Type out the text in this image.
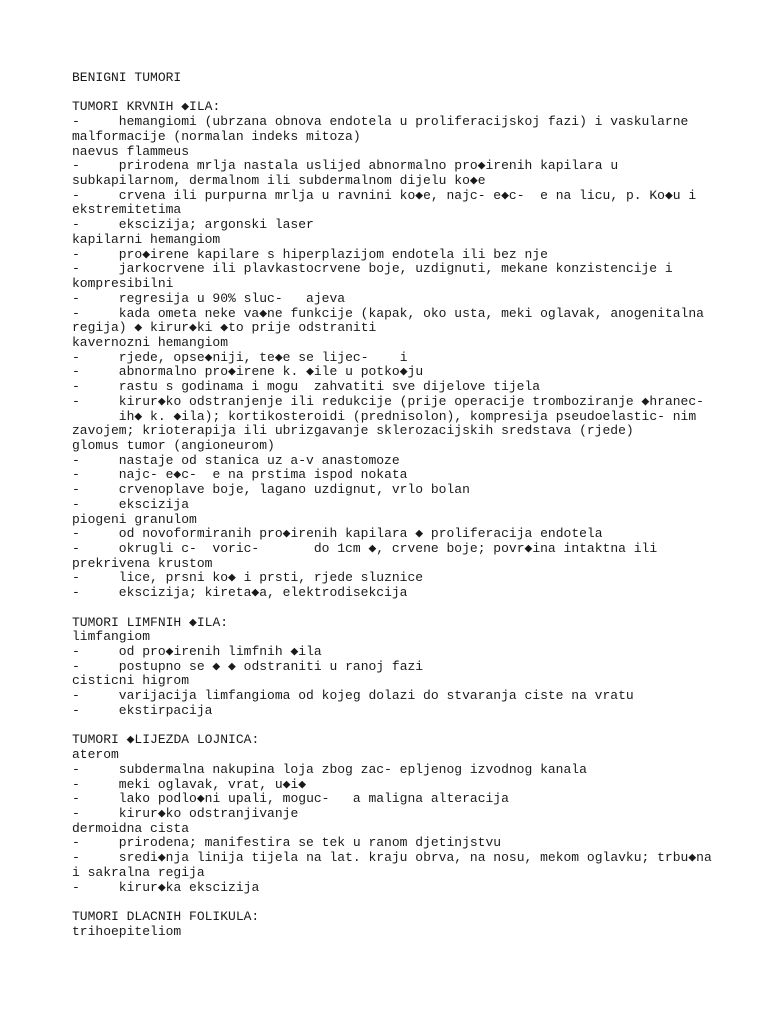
BENIGNI TUMORI

TUMORI KRVNIH ◆ILA:
-     hemangiomi (ubrzana obnova endotela u proliferacijskoj fazi) i vaskularne
malformacije (normalan indeks mitoza)
naevus flammeus
-     prirodena mrlja nastala uslijed abnormalno pro◆irenih kapilara u
subkapilarnom, dermalnom ili subdermalnom dijelu ko◆e
-     crvena ili purpurna mrlja u ravnini ko◆e, najc- e◆c-  e na licu, p. Ko◆u i
ekstremitetima
-     ekscizija; argonski laser
kapilarni hemangiom
-     pro◆irene kapilare s hiperplazijom endotela ili bez nje
-     jarkocrvene ili plavkastocrvene boje, uzdignuti, mekane konzistencije i
kompresibilni
-     regresija u 90% sluc-   ajeva
-     kada ometa neke va◆ne funkcije (kapak, oko usta, meki oglavak, anogenitalna
regija) ◆ kirur◆ki ◆to prije odstraniti
kavernozni hemangiom
-     rjede, opse◆niji, te◆e se lijec-    i
-     abnormalno pro◆irene k. ◆ile u potko◆ju
-     rastu s godinama i mogu  zahvatiti sve dijelove tijela
-     kirur◆ko odstranjenje ili redukcije (prije operacije tromboziranje ◆hranec-
ih◆ k. ◆ila); kortikosteroidi (prednisolon), kompresija pseudoelastic- nim
zavojem; krioterapija ili ubrizgavanje sklerozacijskih sredstava (rjede)
glomus tumor (angioneurom)
-     nastaje od stanica uz a-v anastomoze
-     najc- e◆c-  e na prstima ispod nokata
-     crvenoplave boje, lagano uzdignut, vrlo bolan
-     ekscizija
piogeni granulom
-     od novoformiranih pro◆irenih kapilara ◆ proliferacija endotela
-     okrugli c-  voric-       do 1cm ◆, crvene boje; povr◆ina intaktna ili
prekrivena krustom
-     lice, prsni ko◆ i prsti, rjede sluznice
-     ekscizija; kireta◆a, elektrodisekcija

TUMORI LIMFNIH ◆ILA:
limfangiom
-     od pro◆irenih limfnih ◆ila
-     postupno se ◆ ◆ odstraniti u ranoj fazi
cisticni higrom
-     varijacija limfangioma od kojeg dolazi do stvaranja ciste na vratu
-     ekstirpacija

TUMORI ◆LIJEZDA LOJNICA:
aterom
-     subdermalna nakupina loja zbog zac- epljenog izvodnog kanala
-     meki oglavak, vrat, u◆i◆
-     lako podlo◆ni upali, moguc-   a maligna alteracija
-     kirur◆ko odstranjivanje
dermoidna cista
-     prirodena; manifestira se tek u ranom djetinjstvu
-     sredi◆nja linija tijela na lat. kraju obrva, na nosu, mekom oglavku; trbu◆na
i sakralna regija
-     kirur◆ka ekscizija

TUMORI DLACNIH FOLIKULA:
trihoepiteliom
